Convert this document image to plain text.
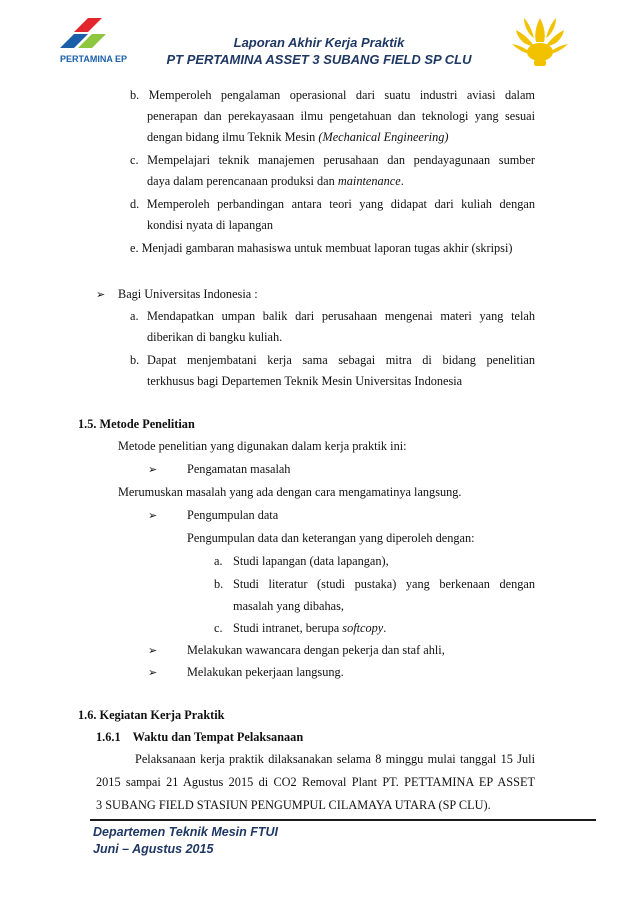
PERTAMINA EP
Laporan Akhir Kerja Praktik
PT PERTAMINA ASSET 3 SUBANG FIELD SP CLU
b. Memperoleh pengalaman operasional dari suatu industri aviasi dalam
penerapan dan perekayasaan ilmu pengetahuan dan teknologi yang sesuai
dengan bidang ilmu Teknik Mesin (Mechanical Engineering)
c. Mempelajari teknik manajemen perusahaan dan pendayagunaan sumber
daya dalam perencanaan produksi dan maintenance.
d. Memperoleh perbandingan antara teori yang didapat dari kuliah dengan
kondisi nyata di lapangan
e. Menjadi gambaran mahasiswa untuk membuat laporan tugas akhir (skripsi)
➢ Bagi Universitas Indonesia :
a. Mendapatkan umpan balik dari perusahaan mengenai materi yang telah
diberikan di bangku kuliah.
b. Dapat menjembatani kerja sama sebagai mitra di bidang penelitian
terkhusus bagi Departemen Teknik Mesin Universitas Indonesia
1.5. Metode Penelitian
Metode penelitian yang digunakan dalam kerja praktik ini:
➢ Pengamatan masalah
Merumuskan masalah yang ada dengan cara mengamatinya langsung.
➢ Pengumpulan data
Pengumpulan data dan keterangan yang diperoleh dengan:
a. Studi lapangan (data lapangan),
b. Studi literatur (studi pustaka) yang berkenaan dengan
masalah yang dibahas,
c. Studi intranet, berupa softcopy.
➢ Melakukan wawancara dengan pekerja dan staf ahli,
➢ Melakukan pekerjaan langsung.
1.6. Kegiatan Kerja Praktik
1.6.1    Waktu dan Tempat Pelaksanaan
Pelaksanaan kerja praktik dilaksanakan selama 8 minggu mulai tanggal 15 Juli
2015 sampai 21 Agustus 2015 di CO2 Removal Plant PT. PETTAMINA EP ASSET
3 SUBANG FIELD STASIUN PENGUMPUL CILAMAYA UTARA (SP CLU).
Departemen Teknik Mesin FTUI
Juni – Agustus 2015
